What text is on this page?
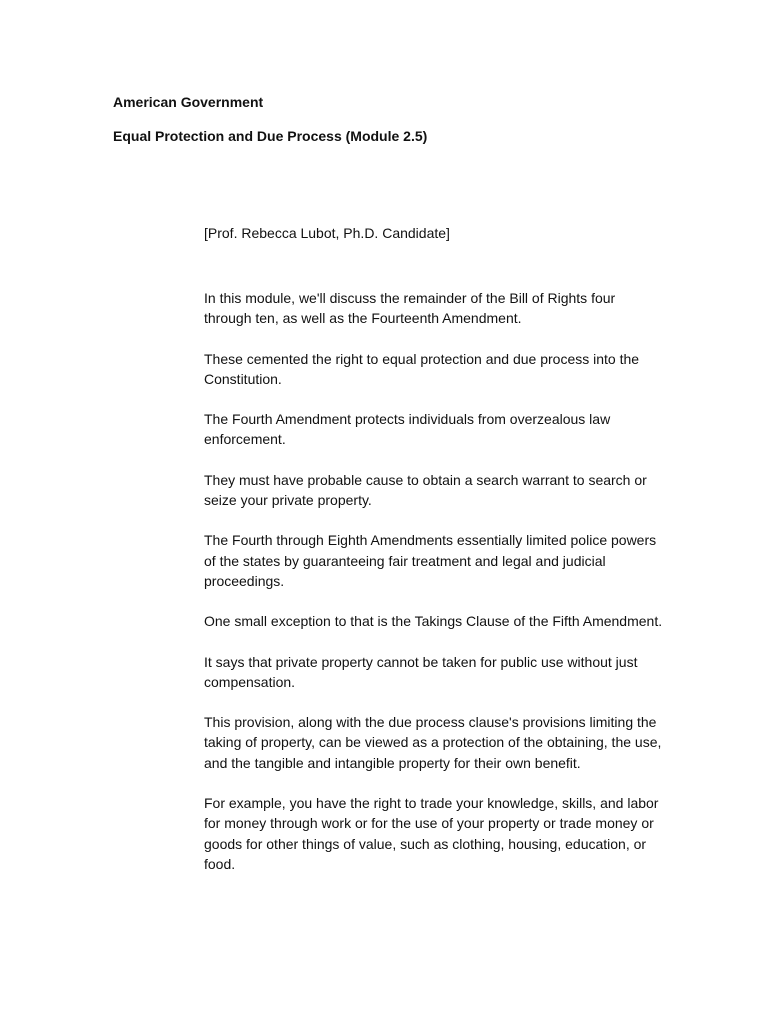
American Government
Equal Protection and Due Process (Module 2.5)
[Prof. Rebecca Lubot, Ph.D. Candidate]

In this module, we'll discuss the remainder of the Bill of Rights four through ten, as well as the Fourteenth Amendment.

These cemented the right to equal protection and due process into the Constitution.

The Fourth Amendment protects individuals from overzealous law enforcement.

They must have probable cause to obtain a search warrant to search or seize your private property.

The Fourth through Eighth Amendments essentially limited police powers of the states by guaranteeing fair treatment and legal and judicial proceedings.

One small exception to that is the Takings Clause of the Fifth Amendment.

It says that private property cannot be taken for public use without just compensation.

This provision, along with the due process clause's provisions limiting the taking of property, can be viewed as a protection of the obtaining, the use, and the tangible and intangible property for their own benefit.

For example, you have the right to trade your knowledge, skills, and labor for money through work or for the use of your property or trade money or goods for other things of value, such as clothing, housing, education, or food.
